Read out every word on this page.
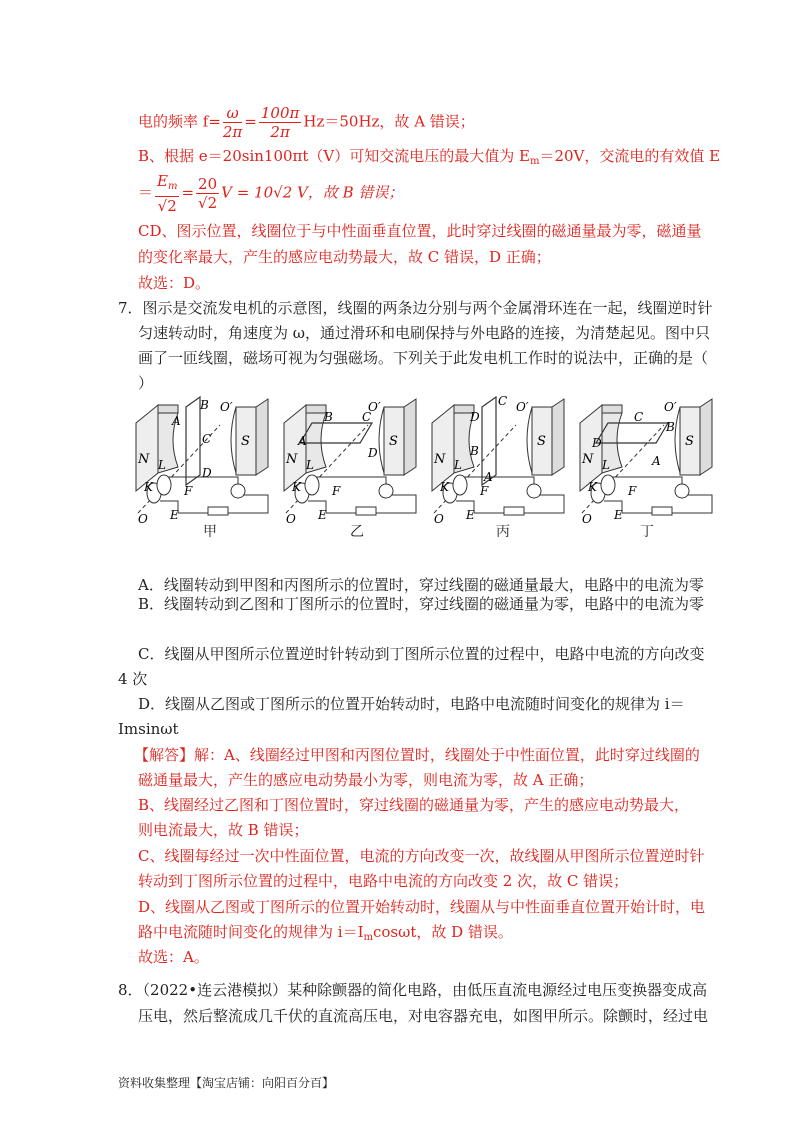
电的频率 $f= \frac{\omega}{2\pi} = \frac{100\pi}{2\pi} Hz=50Hz$，故 A 错误；
B、根据 e＝20sin100πt（V）可知交流电压的最大值为 $E_m=20V$，交流电的有效值 E
＝ $\frac{E_m}{√2} = \frac{20}{√2}$ V = 10√2 V，故 B 错误；
CD、图示位置，线圈位于与中性面垂直位置，此时穿过线圈的磁通量最为零，磁通量
的变化率最大，产生的感应电动势最大，故 C 错误，D 正确；
故选：D。
7．图示是交流发电机的示意图，线圈的两条边分别与两个金属滑环连在一起，线圈逆时针
匀速转动时，角速度为 ω，通过滑环和电刷保持与外电路的连接，为清楚起见。图中只
画了一匝线圈，磁场可视为匀强磁场。下列关于此发电机工作时的说法中，正确的是（
）
N
S
A
B
C
D
K
L
F
E
O
O′
N
S
B C
A
D
K
L
F
E
O
O′
N
S
D
C
B
A
K
L
F
E
O
O′
N
S
C
B
D
A
K
L
F
E
O
O′
甲	乙	丙	丁
A．线圈转动到甲图和丙图所示的位置时，穿过线圈的磁通量最大，电路中的电流为零
B．线圈转动到乙图和丁图所示的位置时，穿过线圈的磁通量为零，电路中的电流为零
C．线圈从甲图所示位置逆时针转动到丁图所示位置的过程中，电路中电流的方向改变
4 次
D．线圈从乙图或丁图所示的位置开始转动时，电路中电流随时间变化的规律为 i＝
Imsinωt
【解答】解：A、线圈经过甲图和丙图位置时，线圈处于中性面位置，此时穿过线圈的
磁通量最大，产生的感应电动势最小为零，则电流为零，故 A 正确；
B、线圈经过乙图和丁图位置时，穿过线圈的磁通量为零，产生的感应电动势最大，
则电流最大，故 B 错误；
C、线圈每经过一次中性面位置，电流的方向改变一次，故线圈从甲图所示位置逆时针
转动到丁图所示位置的过程中，电路中电流的方向改变 2 次，故 C 错误；
D、线圈从乙图或丁图所示的位置开始转动时，线圈从与中性面垂直位置开始计时，电
路中电流随时间变化的规律为 $i=I_m\cos\omega t$，故 D 错误。
故选：A。
8．（2022•连云港模拟）某种除颤器的简化电路，由低压直流电源经过电压变换器变成高
压电，然后整流成几千伏的直流高压电，对电容器充电，如图甲所示。除颤时，经过电
资料收集整理【淘宝店铺：向阳百分百】
